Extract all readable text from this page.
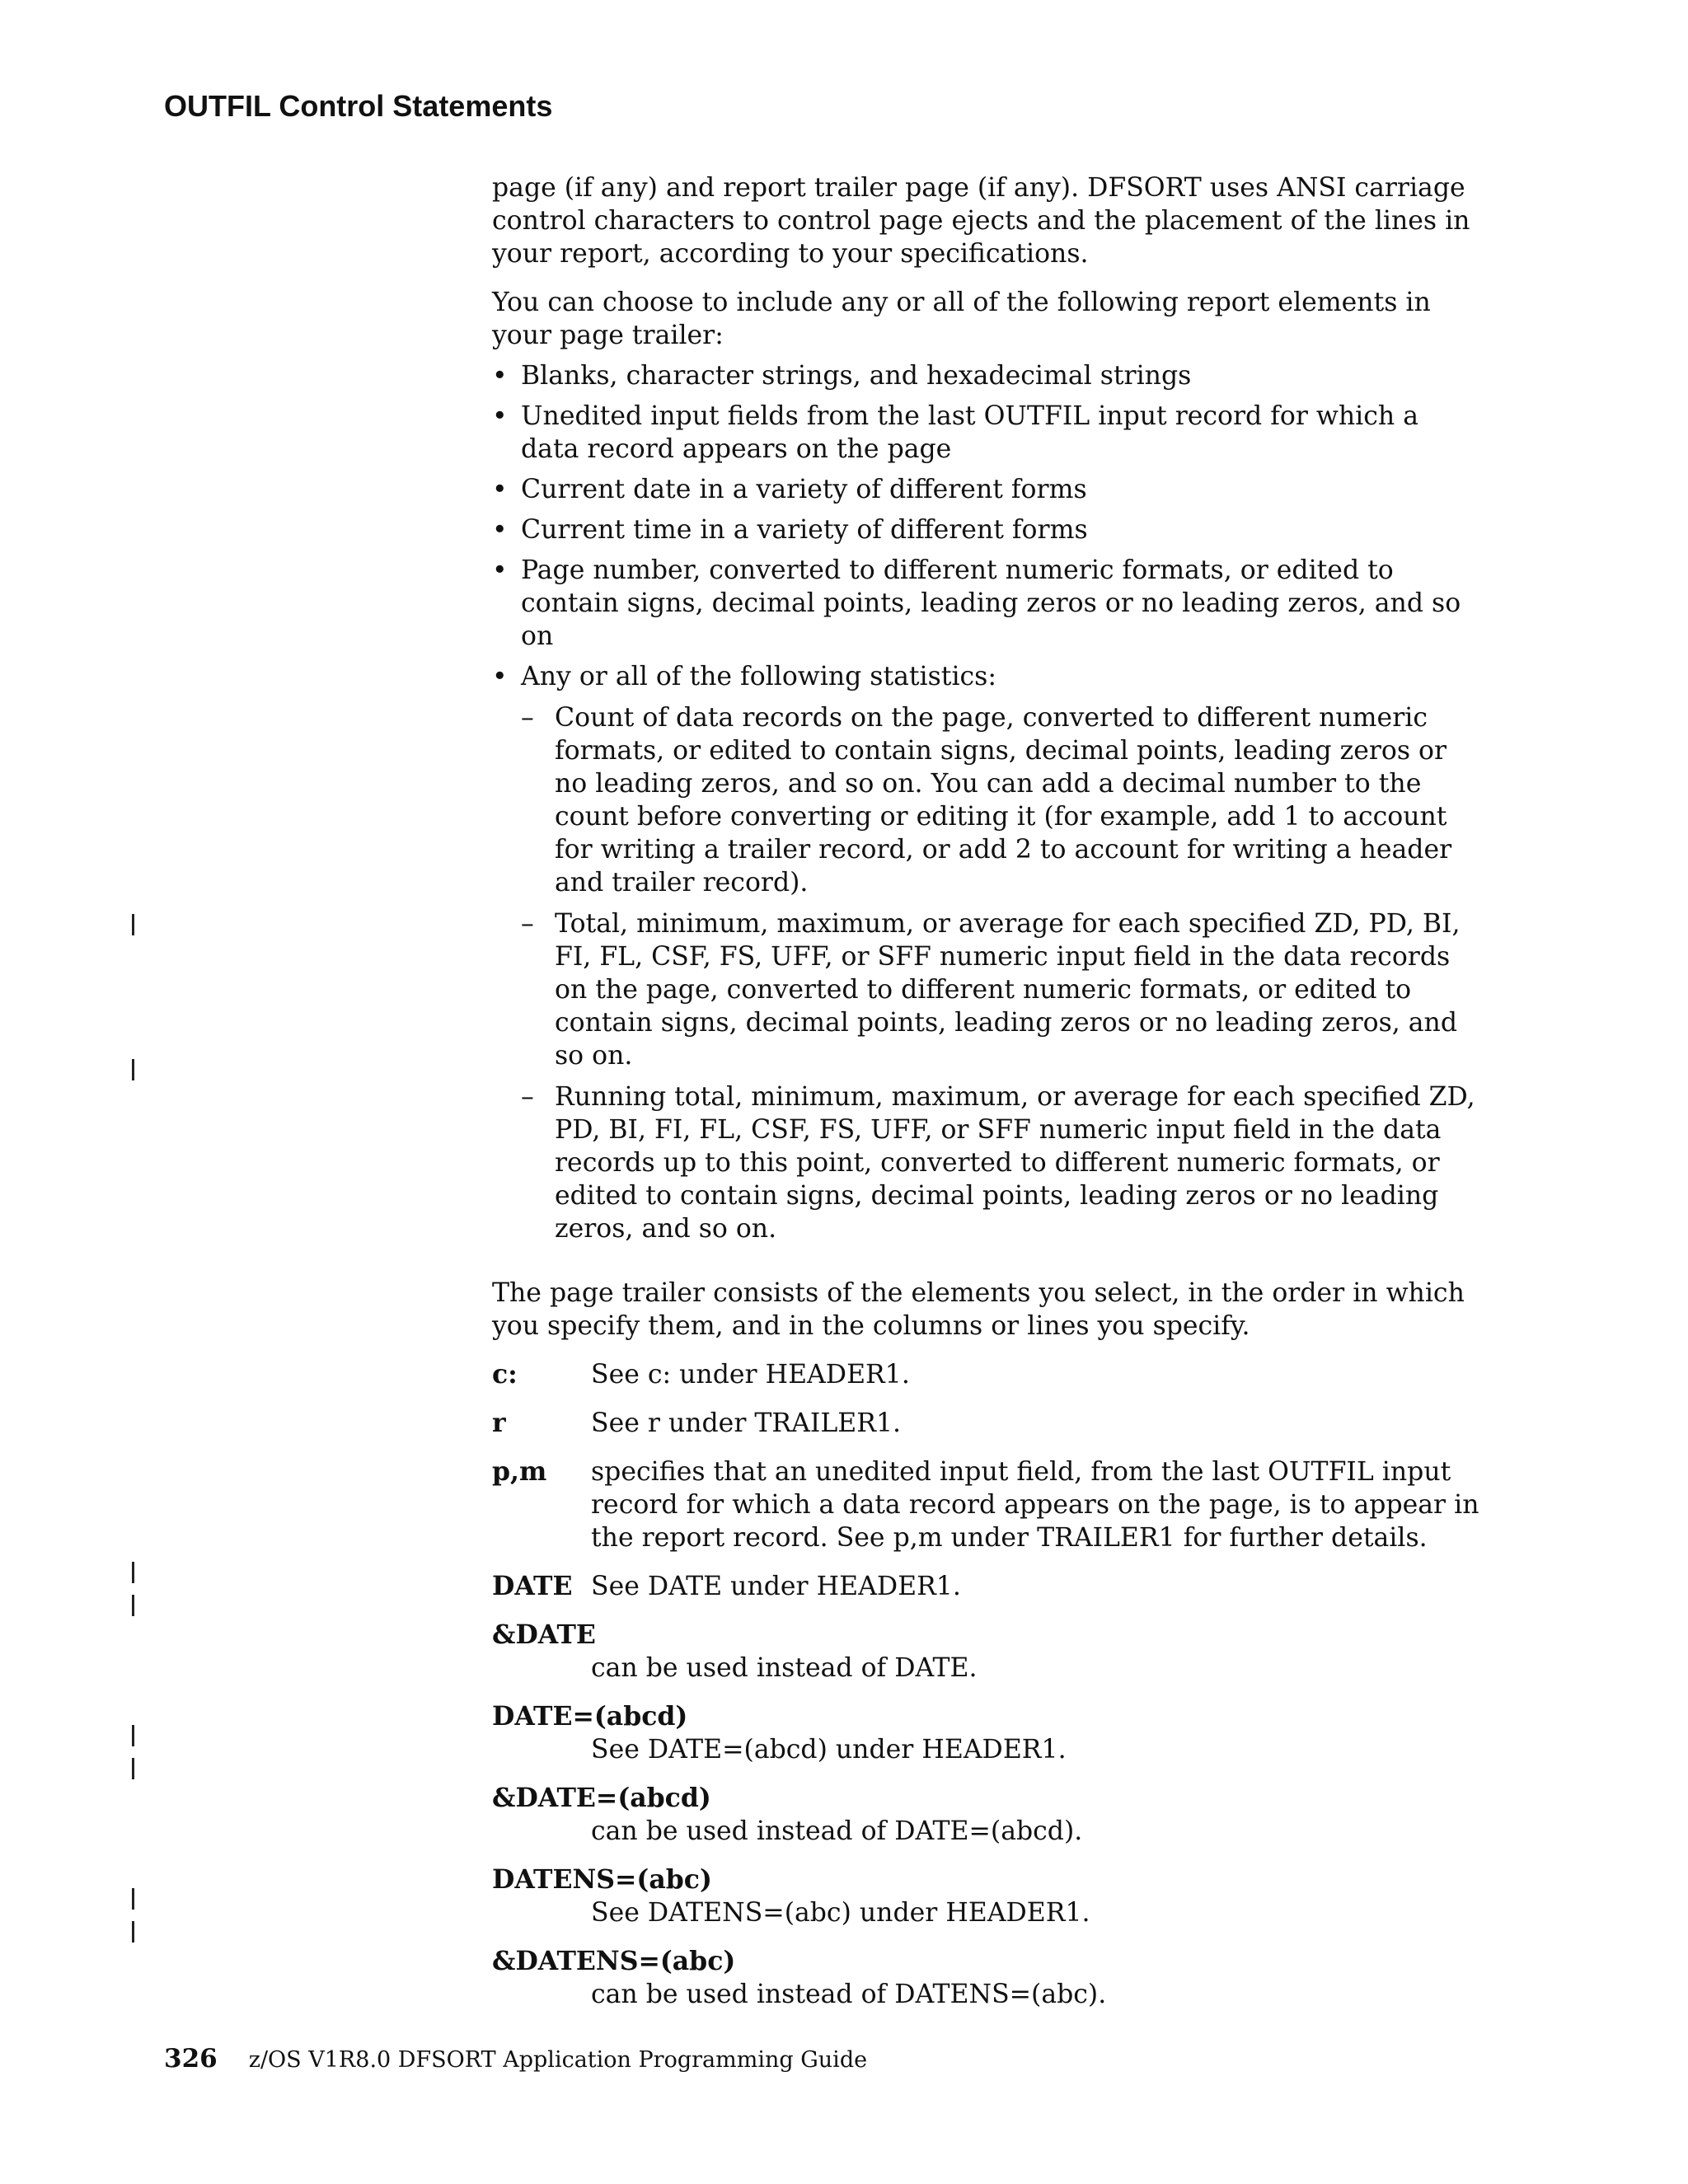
OUTFIL Control Statements

page (if any) and report trailer page (if any). DFSORT uses ANSI carriage control characters to control page ejects and the placement of the lines in your report, according to your specifications.

You can choose to include any or all of the following report elements in your page trailer:

• Blanks, character strings, and hexadecimal strings
• Unedited input fields from the last OUTFIL input record for which a data record appears on the page
• Current date in a variety of different forms
• Current time in a variety of different forms
• Page number, converted to different numeric formats, or edited to contain signs, decimal points, leading zeros or no leading zeros, and so on
• Any or all of the following statistics:
– Count of data records on the page, converted to different numeric formats, or edited to contain signs, decimal points, leading zeros or no leading zeros, and so on. You can add a decimal number to the count before converting or editing it (for example, add 1 to account for writing a trailer record, or add 2 to account for writing a header and trailer record).
– Total, minimum, maximum, or average for each specified ZD, PD, BI, FI, FL, CSF, FS, UFF, or SFF numeric input field in the data records on the page, converted to different numeric formats, or edited to contain signs, decimal points, leading zeros or no leading zeros, and so on.
– Running total, minimum, maximum, or average for each specified ZD, PD, BI, FI, FL, CSF, FS, UFF, or SFF numeric input field in the data records up to this point, converted to different numeric formats, or edited to contain signs, decimal points, leading zeros or no leading zeros, and so on.

The page trailer consists of the elements you select, in the order in which you specify them, and in the columns or lines you specify.

c:	See c: under HEADER1.
r	See r under TRAILER1.
p,m	specifies that an unedited input field, from the last OUTFIL input record for which a data record appears on the page, is to appear in the report record. See p,m under TRAILER1 for further details.
DATE See DATE under HEADER1.
&DATE
can be used instead of DATE.
DATE=(abcd)
See DATE=(abcd) under HEADER1.
&DATE=(abcd)
can be used instead of DATE=(abcd).
DATENS=(abc)
See DATENS=(abc) under HEADER1.
&DATENS=(abc)
can be used instead of DATENS=(abc).
326 z/OS V1R8.0 DFSORT Application Programming Guide
